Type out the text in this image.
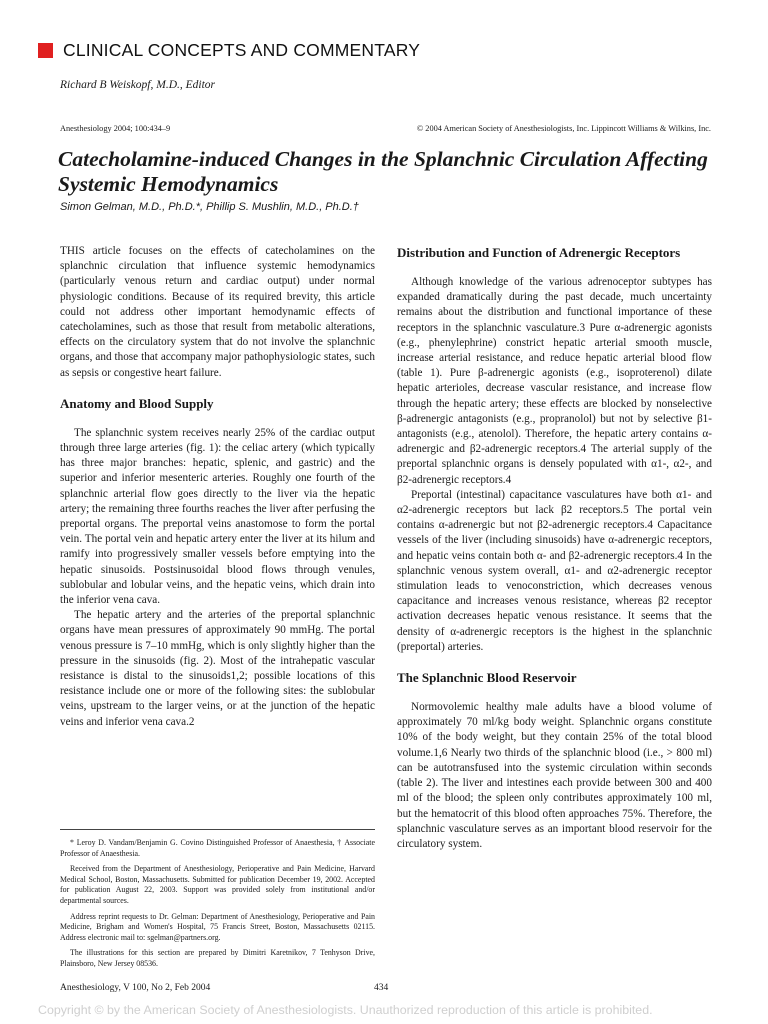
CLINICAL CONCEPTS AND COMMENTARY
Richard B Weiskopf, M.D., Editor
Anesthesiology 2004; 100:434–9	© 2004 American Society of Anesthesiologists, Inc. Lippincott Williams & Wilkins, Inc.
Catecholamine-induced Changes in the Splanchnic Circulation Affecting Systemic Hemodynamics
Simon Gelman, M.D., Ph.D.*, Phillip S. Mushlin, M.D., Ph.D.†

THIS article focuses on the effects of catecholamines on the splanchnic circulation that influence systemic hemodynamics (particularly venous return and cardiac output) under normal physiologic conditions. Because of its required brevity, this article could not address other important hemodynamic effects of catecholamines, such as those that result from metabolic alterations, effects on the circulatory system that do not involve the splanchnic organs, and those that accompany major pathophysiologic states, such as sepsis or congestive heart failure.

Anatomy and Blood Supply

The splanchnic system receives nearly 25% of the cardiac output through three large arteries (fig. 1): the celiac artery (which typically has three major branches: hepatic, splenic, and gastric) and the superior and inferior mesenteric arteries. Roughly one fourth of the splanchnic arterial flow goes directly to the liver via the hepatic artery; the remaining three fourths reaches the liver after perfusing the preportal organs. The preportal veins anastomose to form the portal vein. The portal vein and hepatic artery enter the liver at its hilum and ramify into progressively smaller vessels before emptying into the hepatic sinusoids. Postsinusoidal blood flows through venules, sublobular and lobular veins, and the hepatic veins, which drain into the inferior vena cava.

The hepatic artery and the arteries of the preportal splanchnic organs have mean pressures of approximately 90 mmHg. The portal venous pressure is 7–10 mmHg, which is only slightly higher than the pressure in the sinusoids (fig. 2). Most of the intrahepatic vascular resistance is distal to the sinusoids1,2; possible locations of this resistance include one or more of the following sites: the sublobular veins, upstream to the larger veins, or at the junction of the hepatic veins and inferior vena cava.2

Distribution and Function of Adrenergic Receptors

Although knowledge of the various adrenoceptor subtypes has expanded dramatically during the past decade, much uncertainty remains about the distribution and functional importance of these receptors in the splanchnic vasculature.3 Pure α-adrenergic agonists (e.g., phenylephrine) constrict hepatic arterial smooth muscle, increase arterial resistance, and reduce hepatic arterial blood flow (table 1). Pure β-adrenergic agonists (e.g., isoproterenol) dilate hepatic arterioles, decrease vascular resistance, and increase flow through the hepatic artery; these effects are blocked by nonselective β-adrenergic antagonists (e.g., propranolol) but not by selective β1-antagonists (e.g., atenolol). Therefore, the hepatic artery contains α-adrenergic and β2-adrenergic receptors.4 The arterial supply of the preportal splanchnic organs is densely populated with α1-, α2-, and β2-adrenergic receptors.4

Preportal (intestinal) capacitance vasculatures have both α1- and α2-adrenergic receptors but lack β2 receptors.5 The portal vein contains α-adrenergic but not β2-adrenergic receptors.4 Capacitance vessels of the liver (including sinusoids) have α-adrenergic receptors, and hepatic veins contain both α- and β2-adrenergic receptors.4 In the splanchnic venous system overall, α1- and α2-adrenergic receptor stimulation leads to venoconstriction, which decreases venous capacitance and increases venous resistance, whereas β2 receptor activation decreases hepatic venous resistance. It seems that the density of α-adrenergic receptors is the highest in the splanchnic (preportal) arteries.

The Splanchnic Blood Reservoir

Normovolemic healthy male adults have a blood volume of approximately 70 ml/kg body weight. Splanchnic organs constitute 10% of the body weight, but they contain 25% of the total blood volume.1,6 Nearly two thirds of the splanchnic blood (i.e., > 800 ml) can be autotransfused into the systemic circulation within seconds (table 2). The liver and intestines each provide between 300 and 400 ml of the blood; the spleen only contributes approximately 100 ml, but the hematocrit of this blood often approaches 75%. Therefore, the splanchnic vasculature serves as an important blood reservoir for the circulatory system.

* Leroy D. Vandam/Benjamin G. Covino Distinguished Professor of Anaesthesia, † Associate Professor of Anaesthesia.

Received from the Department of Anesthesiology, Perioperative and Pain Medicine, Harvard Medical School, Boston, Massachusetts. Submitted for publication December 19, 2002. Accepted for publication August 22, 2003. Support was provided solely from institutional and/or departmental sources.

Address reprint requests to Dr. Gelman: Department of Anesthesiology, Perioperative and Pain Medicine, Brigham and Women's Hospital, 75 Francis Street, Boston, Massachusetts 02115. Address electronic mail to: sgelman@partners.org.

The illustrations for this section are prepared by Dimitri Karetnikov, 7 Tenhyson Drive, Plainsboro, New Jersey 08536.

Anesthesiology, V 100, No 2, Feb 2004	434
Copyright © by the American Society of Anesthesiologists. Unauthorized reproduction of this article is prohibited.
